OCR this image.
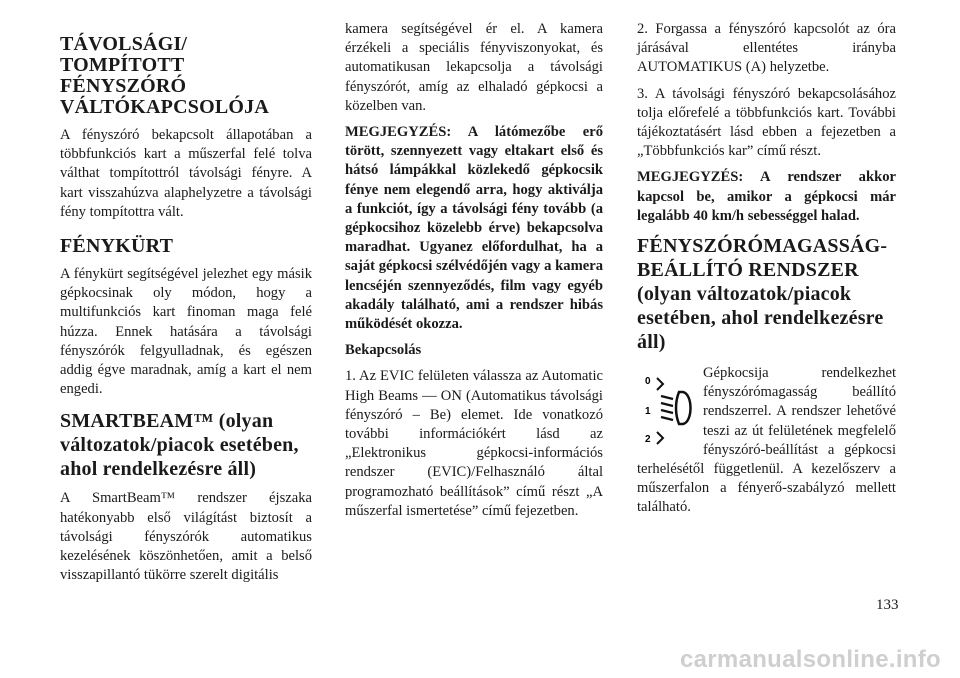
TÁVOLSÁGI/ TOMPÍTOTT FÉNYSZÓRÓ VÁLTÓKAPCSOLÓJA

A fényszóró bekapcsolt állapotában a többfunkciós kart a műszerfal felé tolva válthat tompítottról távolsági fényre. A kart visszahúzva alaphelyzetre a távolsági fény tompítottra vált.

FÉNYKÜRT

A fénykürt segítségével jelezhet egy másik gépkocsinak oly módon, hogy a multifunkciós kart finoman maga felé húzza. Ennek hatására a távolsági fényszórók felgyulladnak, és egészen addig égve maradnak, amíg a kart el nem engedi.

SMARTBEAM™ (olyan változatok/piacok esetében, ahol rendelkezésre áll)

A SmartBeam™ rendszer éjszaka hatékonyabb első világítást biztosít a távolsági fényszórók automatikus kezelésének köszönhetően, amit a belső visszapillantó tükörre szerelt digitális

kamera segítségével ér el. A kamera érzékeli a speciális fényviszonyokat, és automatikusan lekapcsolja a távolsági fényszórót, amíg az elhaladó gépkocsi a közelben van.

MEGJEGYZÉS: A látómezőbe erő törött, szennyezett vagy eltakart első és hátsó lámpákkal közlekedő gépkocsik fénye nem elegendő arra, hogy aktiválja a funkciót, így a távolsági fény tovább (a gépkocsihoz közelebb érve) bekapcsolva maradhat. Ugyanez előfordulhat, ha a saját gépkocsi szélvédőjén vagy a kamera lencséjén szennyeződés, film vagy egyéb akadály található, ami a rendszer hibás működését okozza.

Bekapcsolás

1. Az EVIC felületen válassza az Automatic High Beams — ON (Automatikus távolsági fényszóró – Be) elemet. Ide vonatkozó további információkért lásd az „Elektronikus gépkocsi-információs rendszer (EVIC)/Felhasználó által programozható beállítások” című részt „A műszerfal ismertetése” című fejezetben.

2. Forgassa a fényszóró kapcsolót az óra járásával ellentétes irányba AUTOMATIKUS (A) helyzetbe.

3. A távolsági fényszóró bekapcsolásához tolja előrefelé a többfunkciós kart. További tájékoztatásért lásd ebben a fejezetben a „Többfunkciós kar” című részt.

MEGJEGYZÉS: A rendszer akkor kapcsol be, amikor a gépkocsi már legalább 40 km/h sebességgel halad.

FÉNYSZÓRÓMAGASSÁG-BEÁLLÍTÓ RENDSZER (olyan változatok/piacok esetében, ahol rendelkezésre áll)
0
1
2

Gépkocsija rendelkezhet fényszórómagasság beállító rendszerrel. A rendszer lehetővé teszi az út felületének megfelelő fényszóró-beállítást a gépkocsi terhelésétől függetlenül. A kezelőszerv a műszerfalon a fényerő-szabályzó mellett található.

133
carmanualsonline.info
